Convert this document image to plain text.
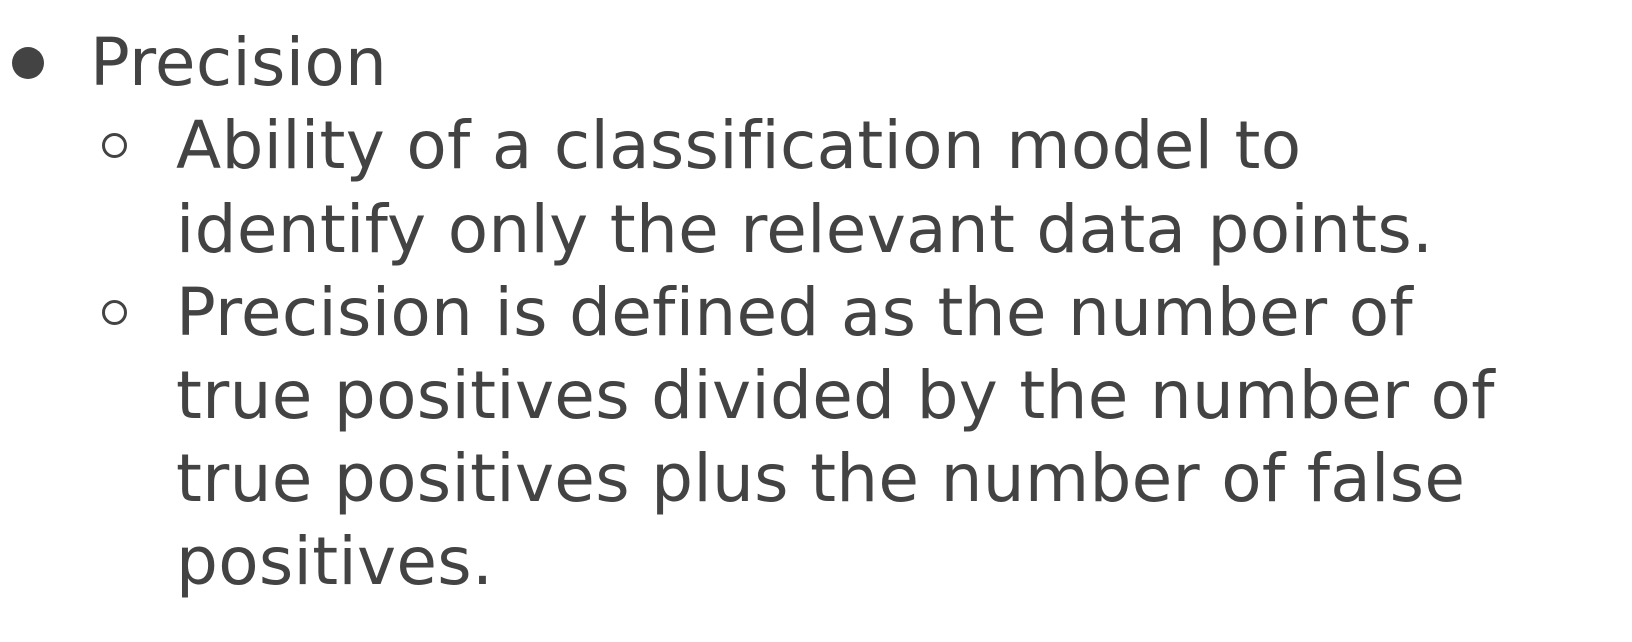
Precision
Ability of a classification model to
identify only the relevant data points.
Precision is defined as the number of
true positives divided by the number of
true positives plus the number of false
positives.
